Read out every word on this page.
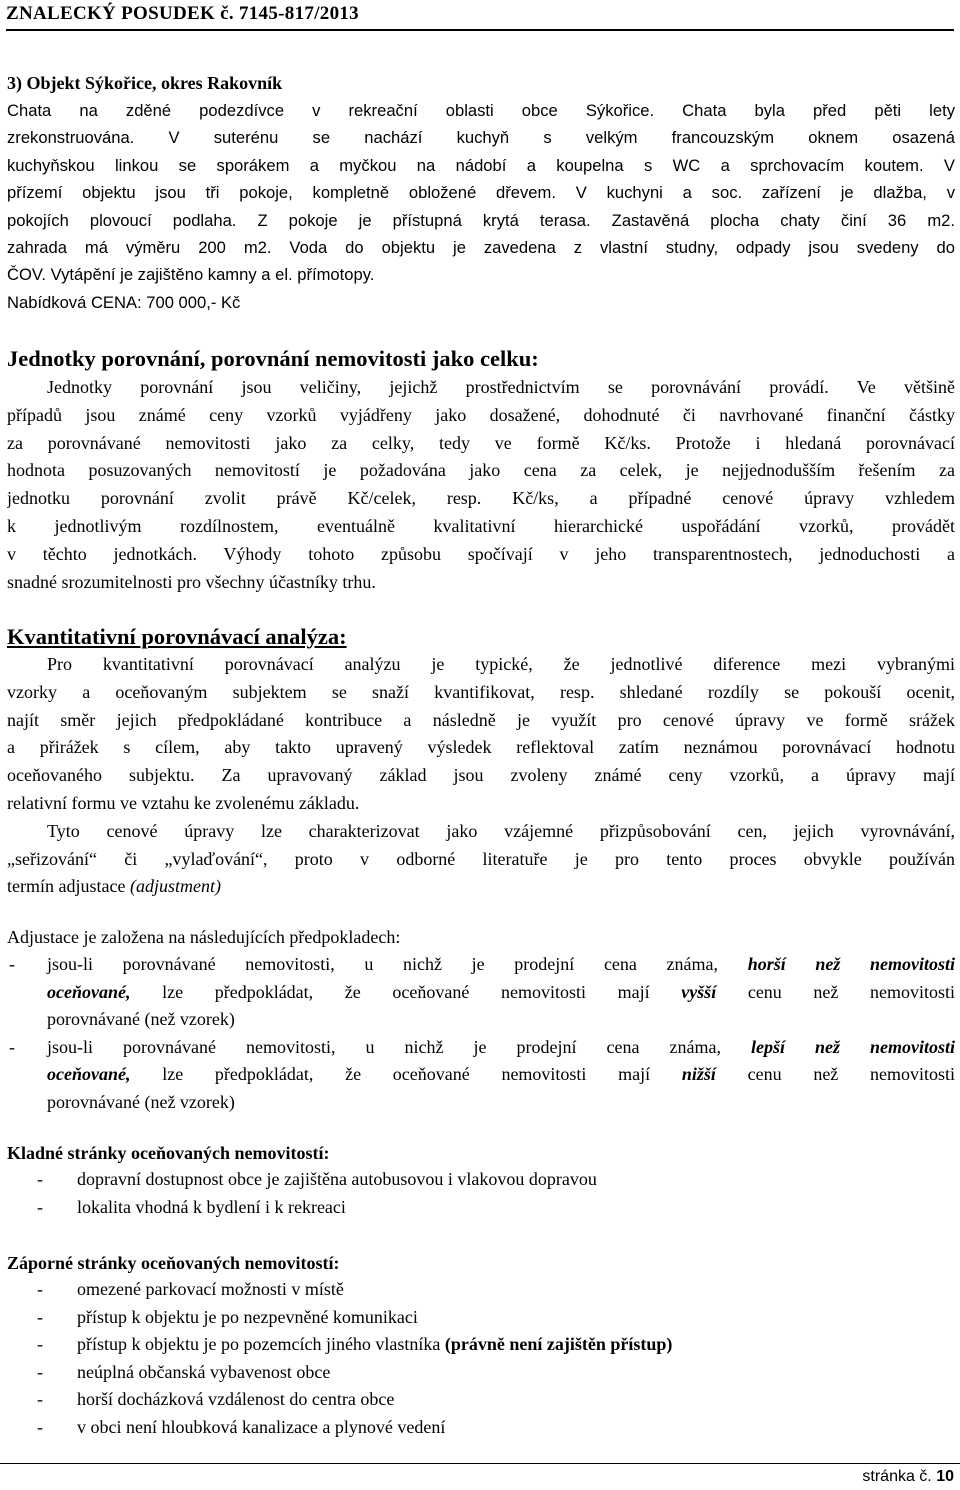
ZNALECKÝ POSUDEK č. 7145-817/2013
3) Objekt Sýkořice, okres Rakovník
Chata na zděné podezdívce v rekreační oblasti obce Sýkořice. Chata byla před pěti lety
zrekonstruována. V suterénu se nachází kuchyň s velkým francouzským oknem osazená
kuchyňskou linkou se sporákem a myčkou na nádobí a koupelna s WC a sprchovacím koutem. V
přízemí objektu jsou tři pokoje, kompletně obložené dřevem. V kuchyni a soc. zařízení je dlažba, v
pokojích plovoucí podlaha. Z pokoje je přístupná krytá terasa. Zastavěná plocha chaty činí 36 m2.
zahrada má výměru 200 m2. Voda do objektu je zavedena z vlastní studny, odpady jsou svedeny do
ČOV. Vytápění je zajištěno kamny a el. přímotopy.
Nabídková CENA: 700 000,- Kč
Jednotky porovnání, porovnání nemovitosti jako celku:
Jednotky porovnání jsou veličiny, jejichž prostřednictvím se porovnávání provádí. Ve většině
případů jsou známé ceny vzorků vyjádřeny jako dosažené, dohodnuté či navrhované finanční částky
za porovnávané nemovitosti jako za celky, tedy ve formě Kč/ks. Protože i hledaná porovnávací
hodnota posuzovaných nemovitostí je požadována jako cena za celek, je nejjednodušším řešením za
jednotku porovnání zvolit právě Kč/celek, resp. Kč/ks, a případné cenové úpravy vzhledem
k jednotlivým rozdílnostem, eventuálně kvalitativní hierarchické uspořádání vzorků, provádět
v těchto jednotkách. Výhody tohoto způsobu spočívají v jeho transparentnostech, jednoduchosti a
snadné srozumitelnosti pro všechny účastníky trhu.
Kvantitativní porovnávací analýza:
Pro kvantitativní porovnávací analýzu je typické, že jednotlivé diference mezi vybranými
vzorky a oceňovaným subjektem se snaží kvantifikovat, resp. shledané rozdíly se pokouší ocenit,
najít směr jejich předpokládané kontribuce a následně je využít pro cenové úpravy ve formě srážek
a přirážek s cílem, aby takto upravený výsledek reflektoval zatím neznámou porovnávací hodnotu
oceňovaného subjektu. Za upravovaný základ jsou zvoleny známé ceny vzorků, a úpravy mají
relativní formu ve vztahu ke zvolenému základu.
Tyto cenové úpravy lze charakterizovat jako vzájemné přizpůsobování cen, jejich vyrovnávání,
„seřizování“ či „vylaďování“, proto v odborné literatuře je pro tento proces obvykle používán
termín adjustace (adjustment)
Adjustace je založena na následujících předpokladech:
- jsou-li porovnávané nemovitosti, u nichž je prodejní cena známa, horší než nemovitosti
oceňované, lze předpokládat, že oceňované nemovitosti mají vyšší cenu než nemovitosti
porovnávané (než vzorek)
- jsou-li porovnávané nemovitosti, u nichž je prodejní cena známa, lepší než nemovitosti
oceňované, lze předpokládat, že oceňované nemovitosti mají nižší cenu než nemovitosti
porovnávané (než vzorek)
Kladné stránky oceňovaných nemovitostí:
- dopravní dostupnost obce je zajištěna autobusovou i vlakovou dopravou
- lokalita vhodná k bydlení i k rekreaci
Záporné stránky oceňovaných nemovitostí:
- omezené parkovací možnosti v místě
- přístup k objektu je po nezpevněné komunikaci
- přístup k objektu je po pozemcích jiného vlastníka (právně není zajištěn přístup)
- neúplná občanská vybavenost obce
- horší docházková vzdálenost do centra obce
- v obci není hloubková kanalizace a plynové vedení
stránka č. 10
